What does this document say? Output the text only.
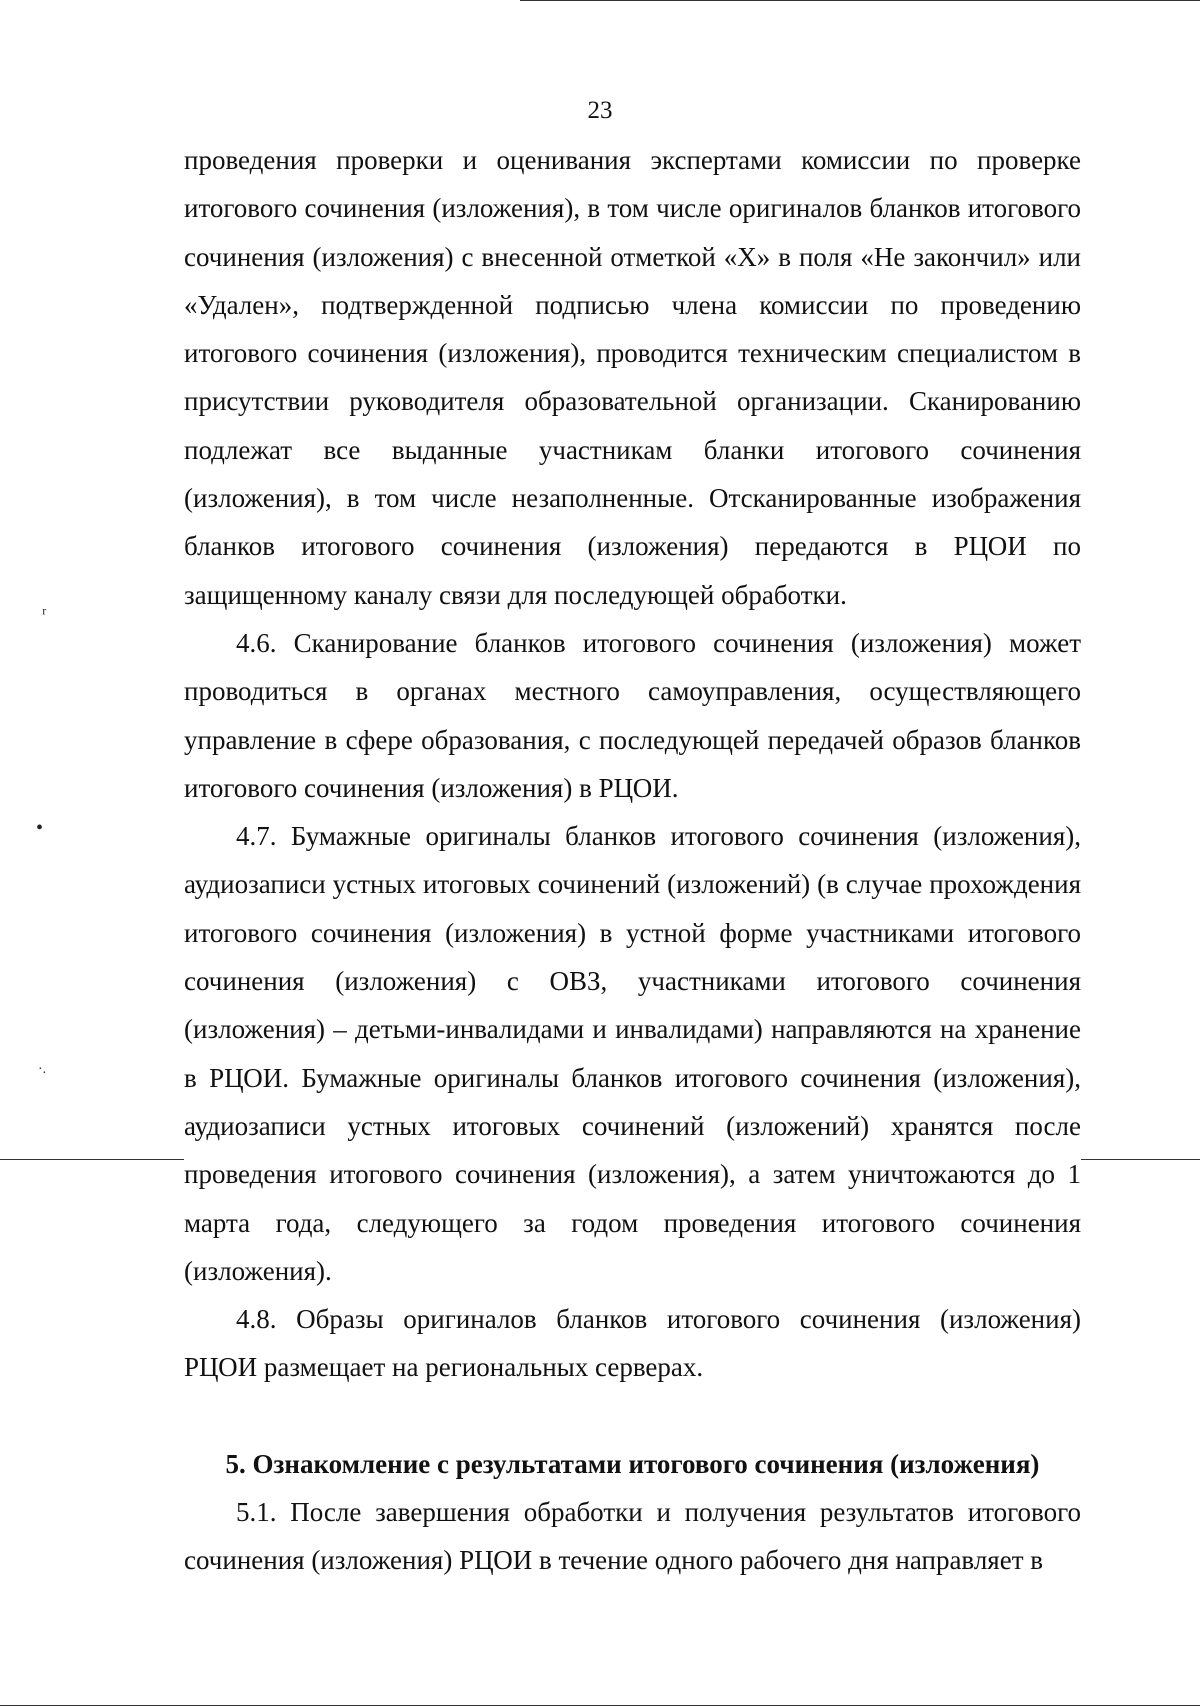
ʳ
•
·.
23

проведения проверки и оценивания экспертами комиссии по проверке итогового сочинения (изложения), в том числе оригиналов бланков итогового сочинения (изложения) с внесенной отметкой «X» в поля «Не закончил» или «Удален», подтвержденной подписью члена комиссии по проведению итогового сочинения (изложения), проводится техническим специалистом в присутствии руководителя образовательной организации. Сканированию подлежат все выданные участникам бланки итогового сочинения (изложения), в том числе незаполненные. Отсканированные изображения бланков итогового сочинения (изложения) передаются в РЦОИ по защищенному каналу связи для последующей обработки.

4.6. Сканирование бланков итогового сочинения (изложения) может проводиться в органах местного самоуправления, осуществляющего управление в сфере образования, с последующей передачей образов бланков итогового сочинения (изложения) в РЦОИ.

4.7. Бумажные оригиналы бланков итогового сочинения (изложения), аудиозаписи устных итоговых сочинений (изложений) (в случае прохождения итогового сочинения (изложения) в устной форме участниками итогового сочинения (изложения) с ОВЗ, участниками итогового сочинения (изложения) – детьми-инвалидами и инвалидами) направляются на хранение в РЦОИ. Бумажные оригиналы бланков итогового сочинения (изложения), аудиозаписи устных итоговых сочинений (изложений) хранятся после проведения итогового сочинения (изложения), а затем уничтожаются до 1 марта года, следующего за годом проведения итогового сочинения (изложения).

4.8. Образы оригиналов бланков итогового сочинения (изложения) РЦОИ размещает на региональных серверах.

5. Ознакомление с результатами итогового сочинения (изложения)

5.1. После завершения обработки и получения результатов итогового сочинения (изложения) РЦОИ в течение одного рабочего дня направляет в
